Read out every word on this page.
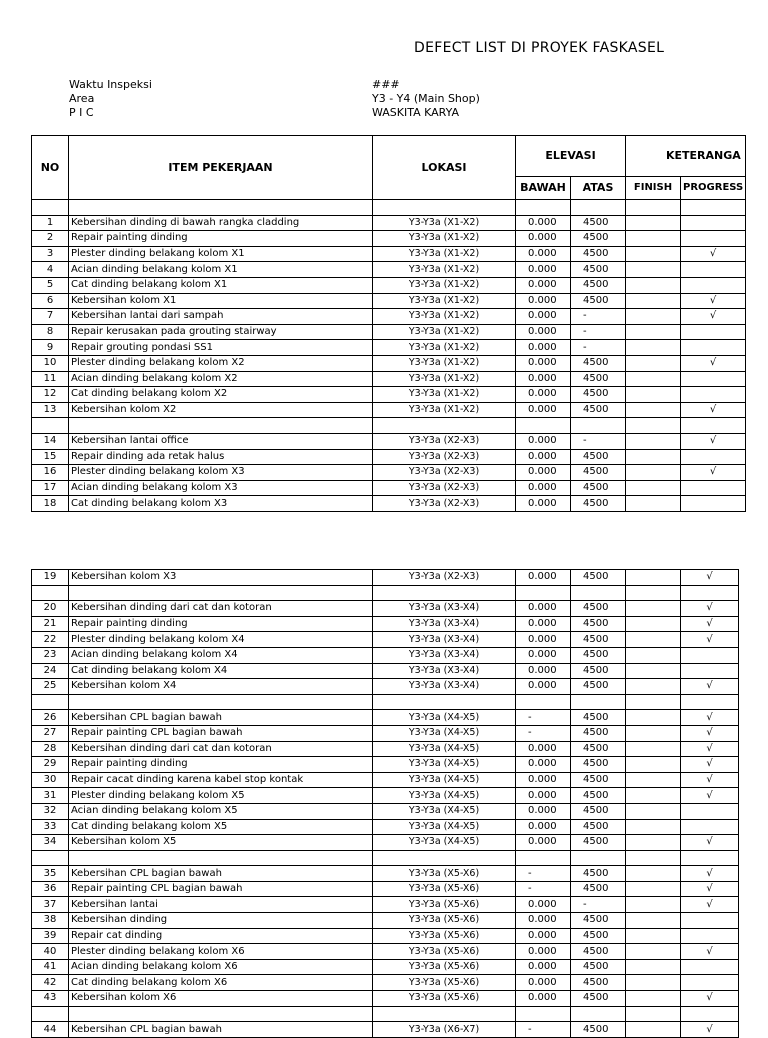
DEFECT LIST DI PROYEK FASKASEL
Waktu Inspeksi	###
Area	Y3 - Y4 (Main Shop)
P I C	WASKITA KARYA
NO	ITEM PEKERJAAN	LOKASI	ELEVASI		KETERANGA	
			BAWAH	ATAS	FINISH	PROGRESS

1	Kebersihan dinding di bawah rangka cladding	Y3-Y3a (X1-X2)	0.000	4500		
2	Repair painting dinding	Y3-Y3a (X1-X2)	0.000	4500		
3	Plester dinding belakang kolom X1	Y3-Y3a (X1-X2)	0.000	4500		√
4	Acian dinding belakang kolom X1	Y3-Y3a (X1-X2)	0.000	4500		
5	Cat dinding belakang kolom X1	Y3-Y3a (X1-X2)	0.000	4500		
6	Kebersihan kolom X1	Y3-Y3a (X1-X2)	0.000	4500		√
7	Kebersihan lantai dari sampah	Y3-Y3a (X1-X2)	0.000	-		√
8	Repair kerusakan pada grouting stairway	Y3-Y3a (X1-X2)	0.000	-		
9	Repair grouting pondasi SS1	Y3-Y3a (X1-X2)	0.000	-		
10	Plester dinding belakang kolom X2	Y3-Y3a (X1-X2)	0.000	4500		√
11	Acian dinding belakang kolom X2	Y3-Y3a (X1-X2)	0.000	4500		
12	Cat dinding belakang kolom X2	Y3-Y3a (X1-X2)	0.000	4500		
13	Kebersihan kolom X2	Y3-Y3a (X1-X2)	0.000	4500		√

14	Kebersihan lantai office	Y3-Y3a (X2-X3)	0.000	-		√
15	Repair dinding ada retak halus	Y3-Y3a (X2-X3)	0.000	4500		
16	Plester dinding belakang kolom X3	Y3-Y3a (X2-X3)	0.000	4500		√
17	Acian dinding belakang kolom X3	Y3-Y3a (X2-X3)	0.000	4500		
18	Cat dinding belakang kolom X3	Y3-Y3a (X2-X3)	0.000	4500		
19	Kebersihan kolom X3	Y3-Y3a (X2-X3)	0.000	4500		√

20	Kebersihan dinding dari cat dan kotoran	Y3-Y3a (X3-X4)	0.000	4500		√
21	Repair painting dinding	Y3-Y3a (X3-X4)	0.000	4500		√
22	Plester dinding belakang kolom X4	Y3-Y3a (X3-X4)	0.000	4500		√
23	Acian dinding belakang kolom X4	Y3-Y3a (X3-X4)	0.000	4500		
24	Cat dinding belakang kolom X4	Y3-Y3a (X3-X4)	0.000	4500		
25	Kebersihan kolom X4	Y3-Y3a (X3-X4)	0.000	4500		√

26	Kebersihan CPL bagian bawah	Y3-Y3a (X4-X5)	-	4500		√
27	Repair painting CPL bagian bawah	Y3-Y3a (X4-X5)	-	4500		√
28	Kebersihan dinding dari cat dan kotoran	Y3-Y3a (X4-X5)	0.000	4500		√
29	Repair painting dinding	Y3-Y3a (X4-X5)	0.000	4500		√
30	Repair cacat dinding karena kabel stop kontak	Y3-Y3a (X4-X5)	0.000	4500		√
31	Plester dinding belakang kolom X5	Y3-Y3a (X4-X5)	0.000	4500		√
32	Acian dinding belakang kolom X5	Y3-Y3a (X4-X5)	0.000	4500		
33	Cat dinding belakang kolom X5	Y3-Y3a (X4-X5)	0.000	4500		
34	Kebersihan kolom X5	Y3-Y3a (X4-X5)	0.000	4500		√

35	Kebersihan CPL bagian bawah	Y3-Y3a (X5-X6)	-	4500		√
36	Repair painting CPL bagian bawah	Y3-Y3a (X5-X6)	-	4500		√
37	Kebersihan lantai	Y3-Y3a (X5-X6)	0.000	-		√
38	Kebersihan dinding	Y3-Y3a (X5-X6)	0.000	4500		
39	Repair cat dinding	Y3-Y3a (X5-X6)	0.000	4500		
40	Plester dinding belakang kolom X6	Y3-Y3a (X5-X6)	0.000	4500		√
41	Acian dinding belakang kolom X6	Y3-Y3a (X5-X6)	0.000	4500		
42	Cat dinding belakang kolom X6	Y3-Y3a (X5-X6)	0.000	4500		
43	Kebersihan kolom X6	Y3-Y3a (X5-X6)	0.000	4500		√

44	Kebersihan CPL bagian bawah	Y3-Y3a (X6-X7)	-	4500		√
